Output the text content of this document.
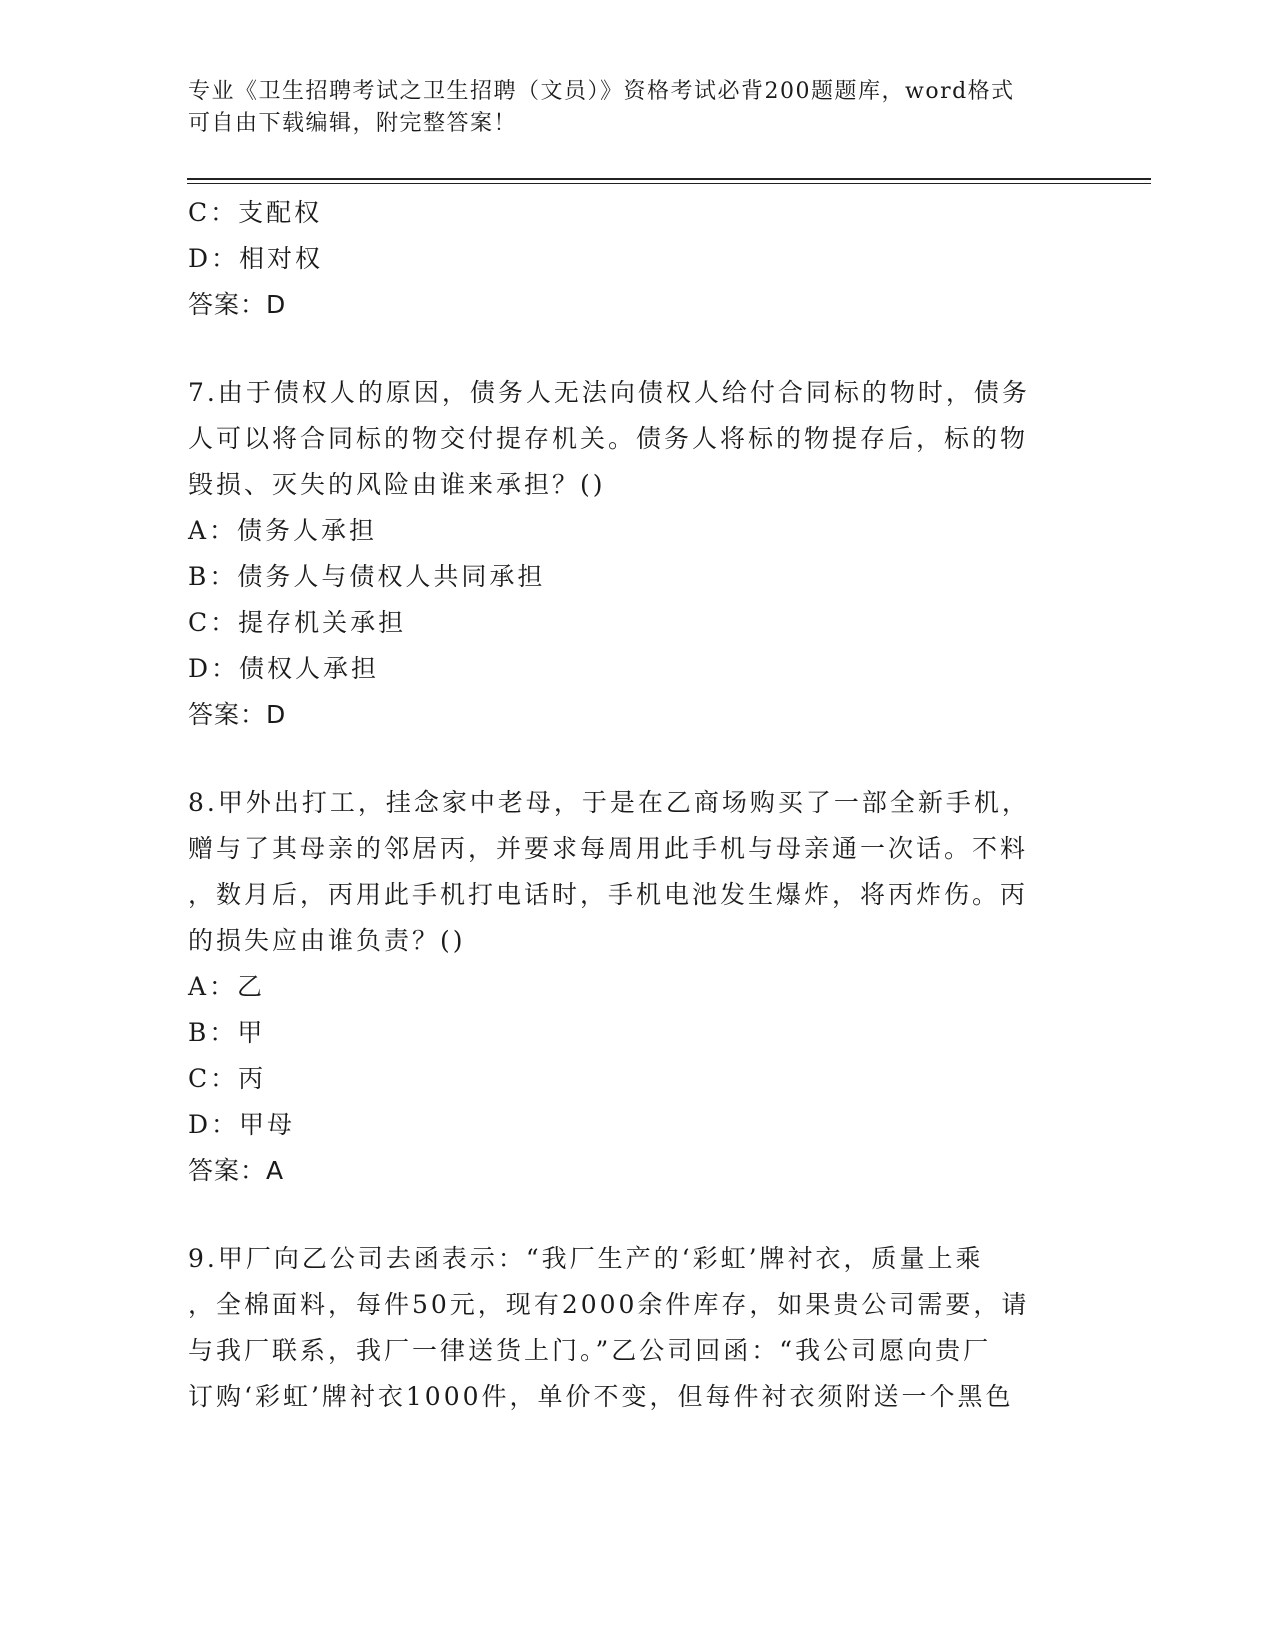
专业《卫生招聘考试之卫生招聘（文员）》资格考试必背200题题库，word格式
可自由下载编辑，附完整答案！
C：支配权
D：相对权
答案：D
7.由于债权人的原因，债务人无法向债权人给付合同标的物时，债务
人可以将合同标的物交付提存机关。债务人将标的物提存后，标的物
毁损、灭失的风险由谁来承担？()
A：债务人承担
B：债务人与债权人共同承担
C：提存机关承担
D：债权人承担
答案：D
8.甲外出打工，挂念家中老母，于是在乙商场购买了一部全新手机，
赠与了其母亲的邻居丙，并要求每周用此手机与母亲通一次话。不料
，数月后，丙用此手机打电话时，手机电池发生爆炸，将丙炸伤。丙
的损失应由谁负责？()
A：乙
B：甲
C：丙
D：甲母
答案：A
9.甲厂向乙公司去函表示：“我厂生产的‘彩虹’牌衬衣，质量上乘
，全棉面料，每件50元，现有2000余件库存，如果贵公司需要，请
与我厂联系，我厂一律送货上门。”乙公司回函：“我公司愿向贵厂
订购‘彩虹’牌衬衣1000件，单价不变，但每件衬衣须附送一个黑色
